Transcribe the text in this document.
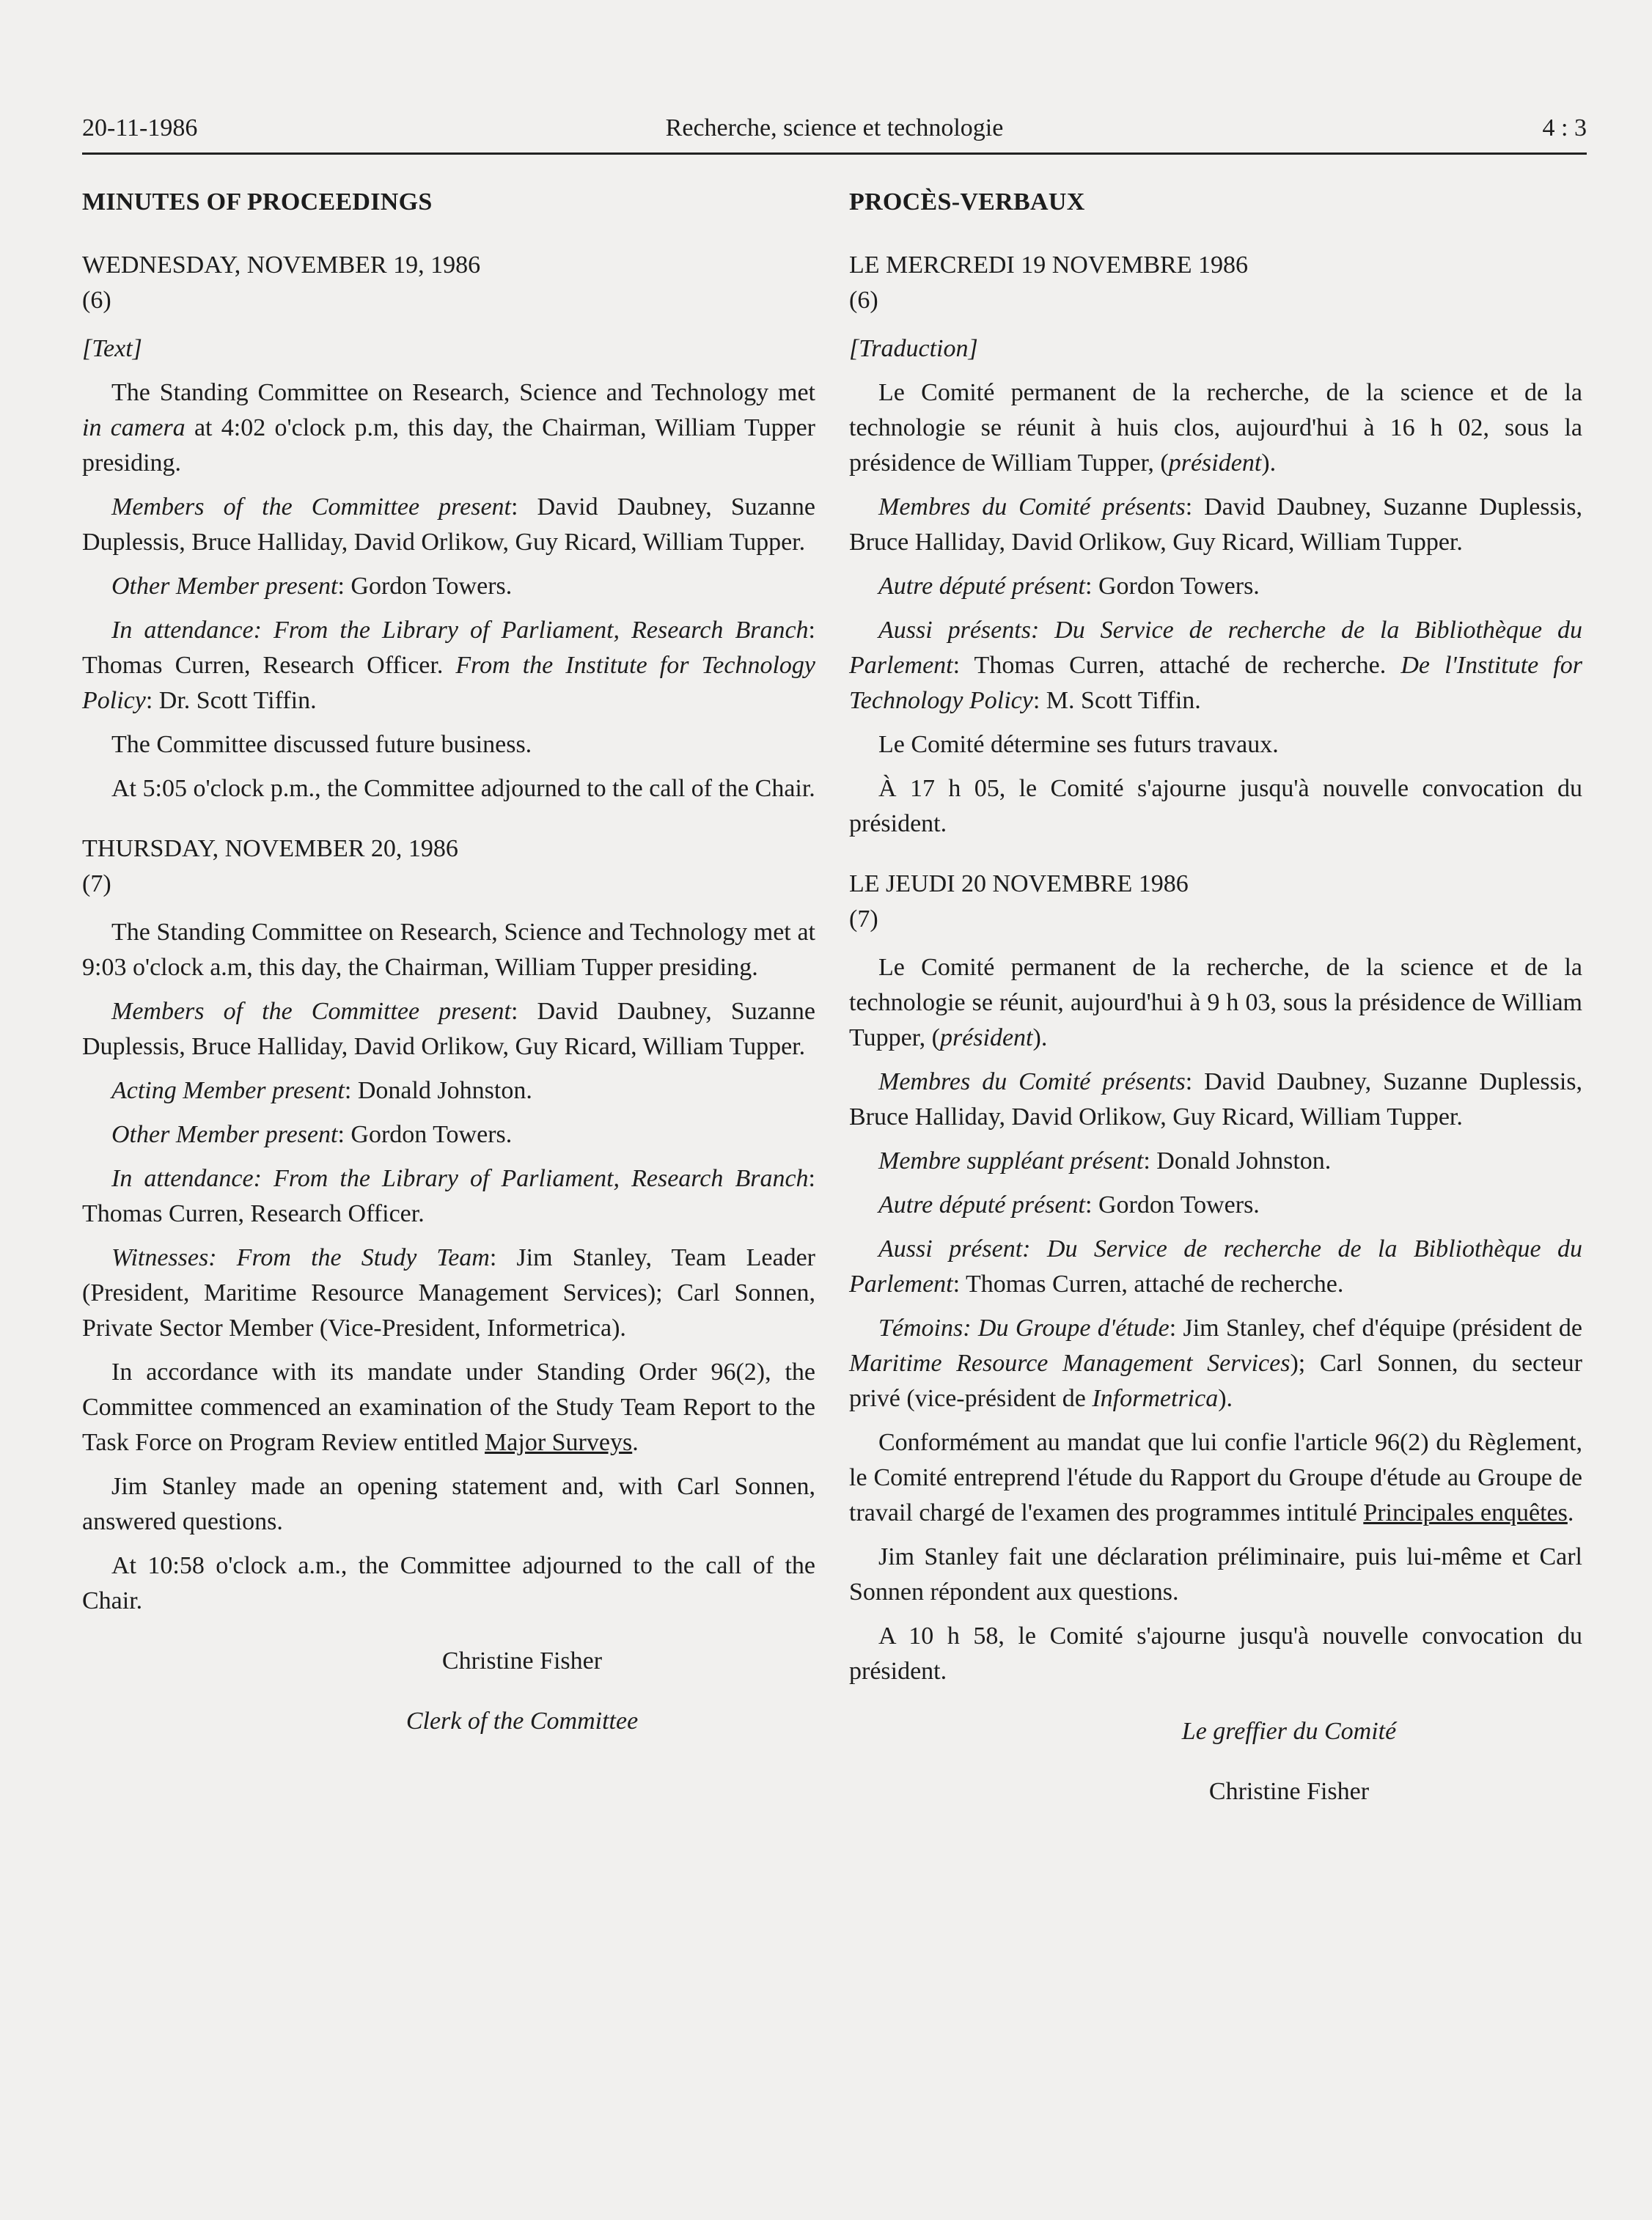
20-11-1986	Recherche, science et technologie	4 : 3
MINUTES OF PROCEEDINGS
WEDNESDAY, NOVEMBER 19, 1986
(6)

[Text]

The Standing Committee on Research, Science and Technology met in camera at 4:02 o'clock p.m, this day, the Chairman, William Tupper presiding.

Members of the Committee present: David Daubney, Suzanne Duplessis, Bruce Halliday, David Orlikow, Guy Ricard, William Tupper.

Other Member present: Gordon Towers.

In attendance: From the Library of Parliament, Research Branch: Thomas Curren, Research Officer. From the Institute for Technology Policy: Dr. Scott Tiffin.

The Committee discussed future business.

At 5:05 o'clock p.m., the Committee adjourned to the call of the Chair.

THURSDAY, NOVEMBER 20, 1986
(7)

The Standing Committee on Research, Science and Technology met at 9:03 o'clock a.m, this day, the Chairman, William Tupper presiding.

Members of the Committee present: David Daubney, Suzanne Duplessis, Bruce Halliday, David Orlikow, Guy Ricard, William Tupper.

Acting Member present: Donald Johnston.

Other Member present: Gordon Towers.

In attendance: From the Library of Parliament, Research Branch: Thomas Curren, Research Officer.

Witnesses: From the Study Team: Jim Stanley, Team Leader (President, Maritime Resource Management Services); Carl Sonnen, Private Sector Member (Vice-President, Informetrica).

In accordance with its mandate under Standing Order 96(2), the Committee commenced an examination of the Study Team Report to the Task Force on Program Review entitled Major Surveys.

Jim Stanley made an opening statement and, with Carl Sonnen, answered questions.

At 10:58 o'clock a.m., the Committee adjourned to the call of the Chair.

Christine Fisher

Clerk of the Committee

PROCÈS-VERBAUX
LE MERCREDI 19 NOVEMBRE 1986
(6)

[Traduction]

Le Comité permanent de la recherche, de la science et de la technologie se réunit à huis clos, aujourd'hui à 16 h 02, sous la présidence de William Tupper, (président).

Membres du Comité présents: David Daubney, Suzanne Duplessis, Bruce Halliday, David Orlikow, Guy Ricard, William Tupper.

Autre député présent: Gordon Towers.

Aussi présents: Du Service de recherche de la Bibliothèque du Parlement: Thomas Curren, attaché de recherche. De l'Institute for Technology Policy: M. Scott Tiffin.

Le Comité détermine ses futurs travaux.

À 17 h 05, le Comité s'ajourne jusqu'à nouvelle convocation du président.

LE JEUDI 20 NOVEMBRE 1986
(7)

Le Comité permanent de la recherche, de la science et de la technologie se réunit, aujourd'hui à 9 h 03, sous la présidence de William Tupper, (président).

Membres du Comité présents: David Daubney, Suzanne Duplessis, Bruce Halliday, David Orlikow, Guy Ricard, William Tupper.

Membre suppléant présent: Donald Johnston.

Autre député présent: Gordon Towers.

Aussi présent: Du Service de recherche de la Bibliothèque du Parlement: Thomas Curren, attaché de recherche.

Témoins: Du Groupe d'étude: Jim Stanley, chef d'équipe (président de Maritime Resource Management Services); Carl Sonnen, du secteur privé (vice-président de Informetrica).

Conformément au mandat que lui confie l'article 96(2) du Règlement, le Comité entreprend l'étude du Rapport du Groupe d'étude au Groupe de travail chargé de l'examen des programmes intitulé Principales enquêtes.

Jim Stanley fait une déclaration préliminaire, puis lui-même et Carl Sonnen répondent aux questions.

A 10 h 58, le Comité s'ajourne jusqu'à nouvelle convocation du président.

Le greffier du Comité

Christine Fisher
